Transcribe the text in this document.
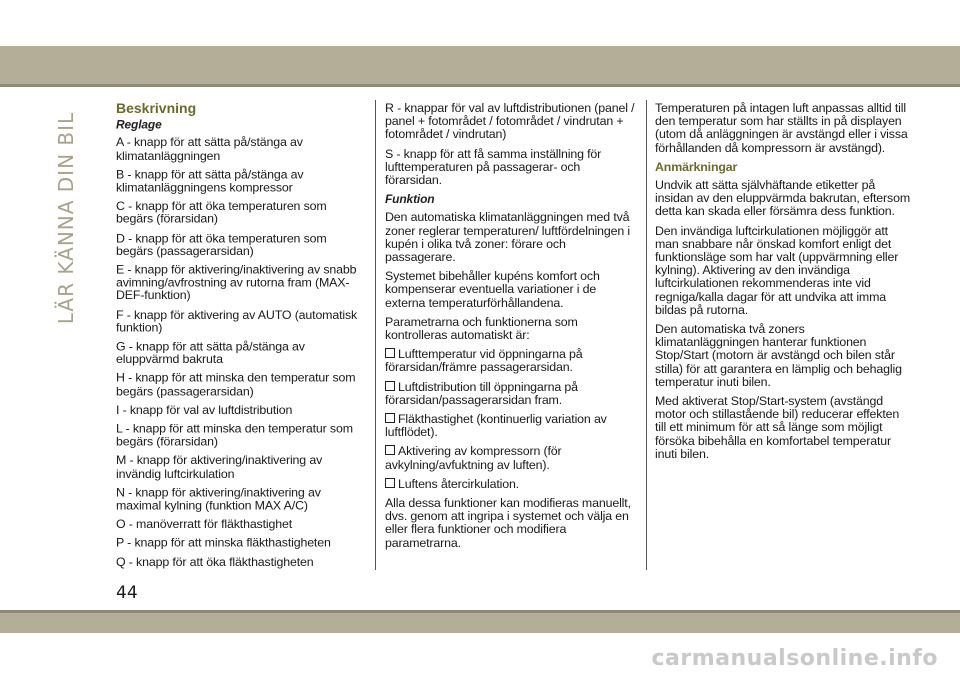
LÄR KÄNNA DIN BIL
Beskrivning
Reglage

A - knapp för att sätta på/stänga av klimatanläggningen

B - knapp för att sätta på/stänga av klimatanläggningens kompressor

C - knapp för att öka temperaturen som begärs (förarsidan)

D - knapp för att öka temperaturen som begärs (passagerarsidan)

E - knapp för aktivering/inaktivering av snabb avimning/avfrostning av rutorna fram (MAX-DEF-funktion)

F - knapp för aktivering av AUTO (automatisk funktion)

G - knapp för att sätta på/stänga av eluppvärmd bakruta

H - knapp för att minska den temperatur som begärs (passagerarsidan)

I - knapp för val av luftdistribution

L - knapp för att minska den temperatur som begärs (förarsidan)

M - knapp för aktivering/inaktivering av invändig luftcirkulation

N - knapp för aktivering/inaktivering av maximal kylning (funktion MAX A/C)

O - manöverratt för fläkthastighet

P - knapp för att minska fläkthastigheten

Q - knapp för att öka fläkthastigheten

R - knappar för val av luftdistributionen (panel / panel + fotområdet / fotområdet / vindrutan + fotområdet / vindrutan)

S - knapp för att få samma inställning för lufttemperaturen på passagerar- och förarsidan.

Funktion

Den automatiska klimatanläggningen med två zoner reglerar temperaturen/ luftfördelningen i kupén i olika två zoner: förare och passagerare.

Systemet bibehåller kupéns komfort och kompenserar eventuella variationer i de externa temperaturförhållandena.

Parametrarna och funktionerna som kontrolleras automatiskt är:

Lufttemperatur vid öppningarna på förarsidan/främre passagerarsidan.

Luftdistribution till öppningarna på förarsidan/passagerarsidan fram.

Fläkthastighet (kontinuerlig variation av luftflödet).

Aktivering av kompressorn (för avkylning/avfuktning av luften).

Luftens återcirkulation.

Alla dessa funktioner kan modifieras manuellt, dvs. genom att ingripa i systemet och välja en eller flera funktioner och modifiera parametrarna.

Temperaturen på intagen luft anpassas alltid till den temperatur som har ställts in på displayen (utom då anläggningen är avstängd eller i vissa förhållanden då kompressorn är avstängd).

Anmärkningar

Undvik att sätta självhäftande etiketter på insidan av den eluppvärmda bakrutan, eftersom detta kan skada eller försämra dess funktion.

Den invändiga luftcirkulationen möjliggör att man snabbare når önskad komfort enligt det funktionsläge som har valt (uppvärmning eller kylning). Aktivering av den invändiga luftcirkulationen rekommenderas inte vid regniga/kalla dagar för att undvika att imma bildas på rutorna.

Den automatiska två zoners klimatanläggningen hanterar funktionen Stop/Start (motorn är avstängd och bilen står stilla) för att garantera en lämplig och behaglig temperatur inuti bilen.

Med aktiverat Stop/Start-system (avstängd motor och stillastående bil) reducerar effekten till ett minimum för att så länge som möjligt försöka bibehålla en komfortabel temperatur inuti bilen.

44
carmanualsonline.info
